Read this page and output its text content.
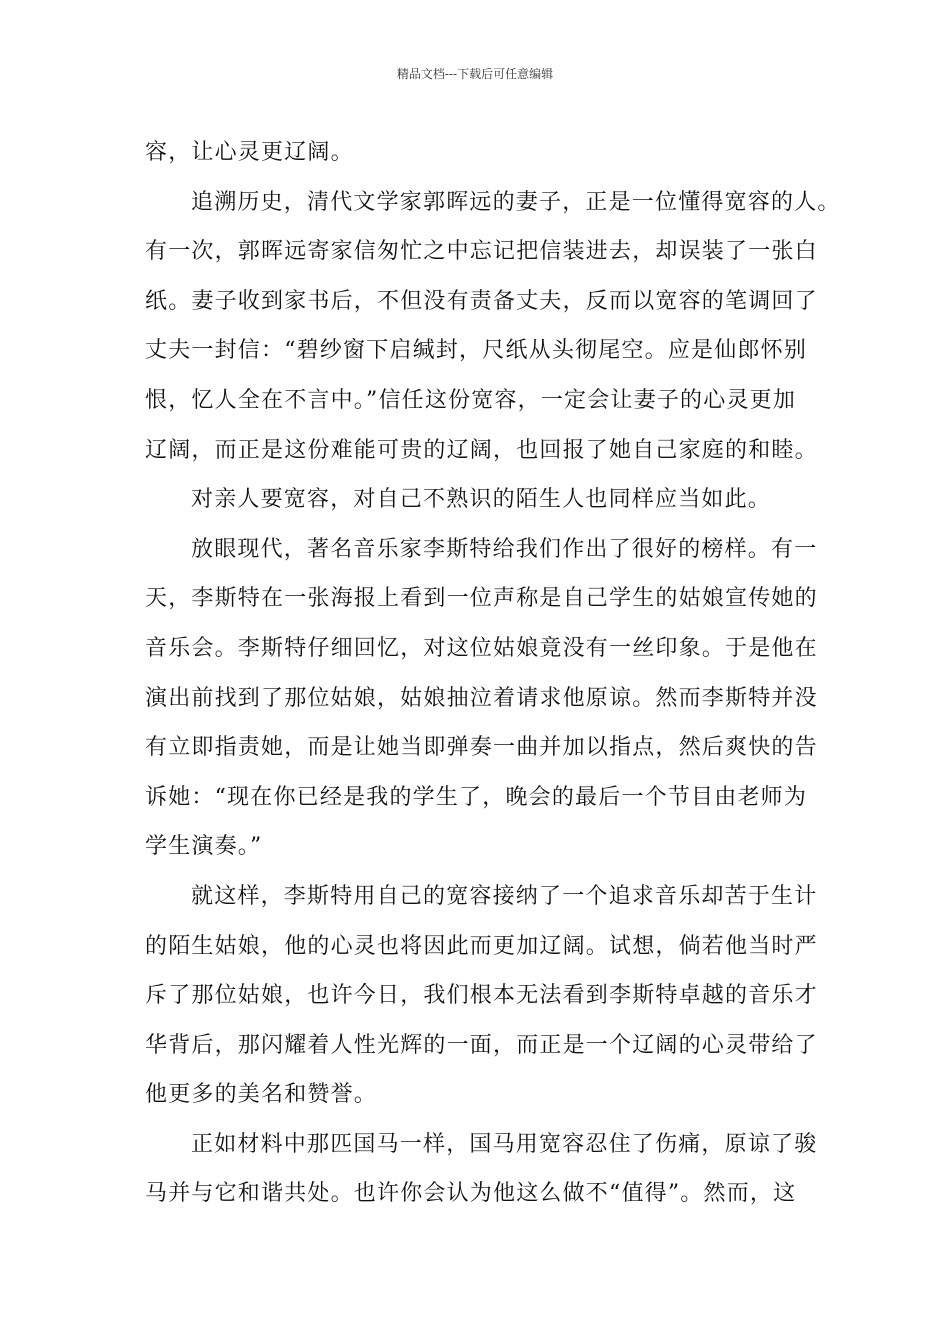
精品文档---下载后可任意编辑
容，让心灵更辽阔。
追溯历史，清代文学家郭晖远的妻子，正是一位懂得宽容的人。
有一次，郭晖远寄家信匆忙之中忘记把信装进去，却误装了一张白
纸。妻子收到家书后，不但没有责备丈夫，反而以宽容的笔调回了
丈夫一封信：“碧纱窗下启缄封，尺纸从头彻尾空。应是仙郎怀别
恨，忆人全在不言中。”信任这份宽容，一定会让妻子的心灵更加
辽阔，而正是这份难能可贵的辽阔，也回报了她自己家庭的和睦。
对亲人要宽容，对自己不熟识的陌生人也同样应当如此。
放眼现代，著名音乐家李斯特给我们作出了很好的榜样。有一
天，李斯特在一张海报上看到一位声称是自己学生的姑娘宣传她的
音乐会。李斯特仔细回忆，对这位姑娘竟没有一丝印象。于是他在
演出前找到了那位姑娘，姑娘抽泣着请求他原谅。然而李斯特并没
有立即指责她，而是让她当即弹奏一曲并加以指点，然后爽快的告
诉她：“现在你已经是我的学生了，晚会的最后一个节目由老师为
学生演奏。”
就这样，李斯特用自己的宽容接纳了一个追求音乐却苦于生计
的陌生姑娘，他的心灵也将因此而更加辽阔。试想，倘若他当时严
斥了那位姑娘，也许今日，我们根本无法看到李斯特卓越的音乐才
华背后，那闪耀着人性光辉的一面，而正是一个辽阔的心灵带给了
他更多的美名和赞誉。
正如材料中那匹国马一样，国马用宽容忍住了伤痛，原谅了骏
马并与它和谐共处。也许你会认为他这么做不“值得”。然而，这
